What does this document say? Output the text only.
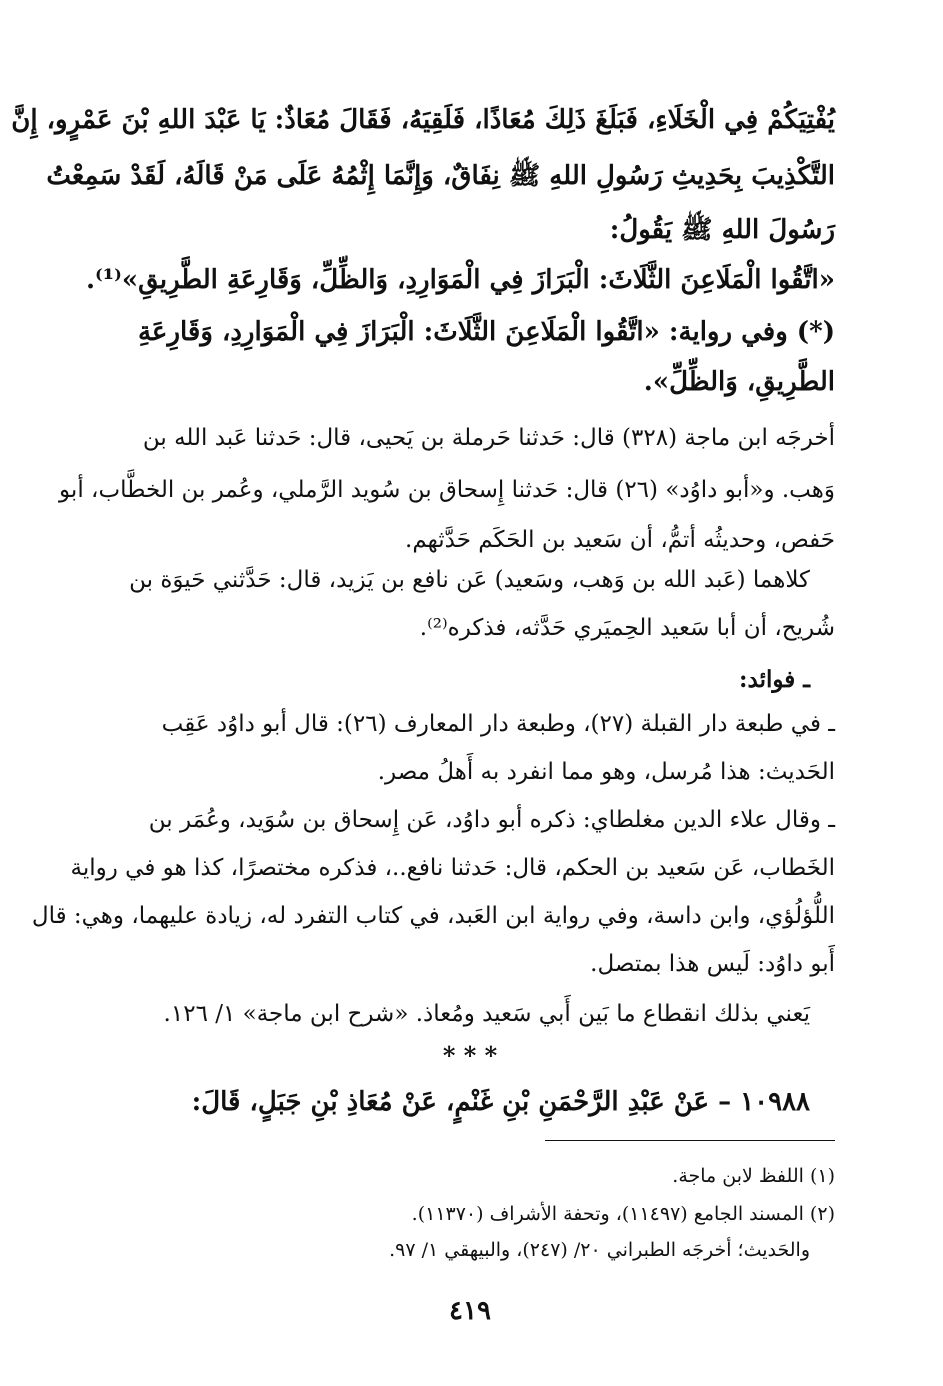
يُفْتِيَكُمْ فِي الْخَلَاءِ، فَبَلَغَ ذَلِكَ مُعَاذًا، فَلَقِيَهُ، فَقَالَ مُعَاذٌ: يَا عَبْدَ اللهِ بْنَ عَمْرٍو، إِنَّ

التَّكْذِيبَ بِحَدِيثِ رَسُولِ اللهِ ﷺ نِفَاقٌ، وَإِنَّمَا إِثْمُهُ عَلَى مَنْ قَالَهُ، لَقَدْ سَمِعْتُ

رَسُولَ اللهِ ﷺ يَقُولُ:

«اتَّقُوا الْمَلَاعِنَ الثَّلَاثَ: الْبَرَازَ فِي الْمَوَارِدِ، وَالظِّلِّ، وَقَارِعَةِ الطَّرِيقِ»⁽¹⁾.

(*) وفي رواية: «اتَّقُوا الْمَلَاعِنَ الثَّلَاثَ: الْبَرَازَ فِي الْمَوَارِدِ، وَقَارِعَةِ

الطَّرِيقِ، وَالظِّلِّ».

أخرجَه ابن ماجة (٣٢٨) قال: حَدثنا حَرملة بن يَحيى، قال: حَدثنا عَبد الله بن

وَهب. و«أبو داوُد» (٢٦) قال: حَدثنا إِسحاق بن سُويد الرَّملي، وعُمر بن الخطَّاب، أبو

حَفص، وحديثُه أتمُّ، أن سَعيد بن الحَكَم حَدَّثهم.

كلاهما (عَبد الله بن وَهب، وسَعيد) عَن نافع بن يَزيد، قال: حَدَّثني حَيوَة بن

شُريح، أن أبا سَعيد الحِميَري حَدَّثه، فذكره⁽²⁾.

ـ فوائد:

ـ في طبعة دار القبلة (٢٧)، وطبعة دار المعارف (٢٦): قال أبو داوُد عَقِب

الحَديث: هذا مُرسل، وهو مما انفرد به أَهلُ مصر.

ـ وقال علاء الدين مغلطاي: ذكره أبو داوُد، عَن إِسحاق بن سُوَيد، وعُمَر بن

الخَطاب، عَن سَعيد بن الحكم، قال: حَدثنا نافع..، فذكره مختصرًا، كذا هو في رواية

اللُّؤلُؤي، وابن داسة، وفي رواية ابن العَبد، في كتاب التفرد له، زيادة عليهما، وهي: قال

أَبو داوُد: لَيس هذا بمتصل.

يَعني بذلك انقطاع ما بَين أَبي سَعيد ومُعاذ. «شرح ابن ماجة» ١/ ١٢٦.

* * *

١٠٩٨٨ – عَنْ عَبْدِ الرَّحْمَنِ بْنِ غَنْمٍ، عَنْ مُعَاذِ بْنِ جَبَلٍ، قَالَ:

(١) اللفظ لابن ماجة.

(٢) المسند الجامع (١١٤٩٧)، وتحفة الأشراف (١١٣٧٠).

والحَديث؛ أخرجَه الطبراني ٢٠/ (٢٤٧)، والبيهقي ١/ ٩٧.

٤١٩
